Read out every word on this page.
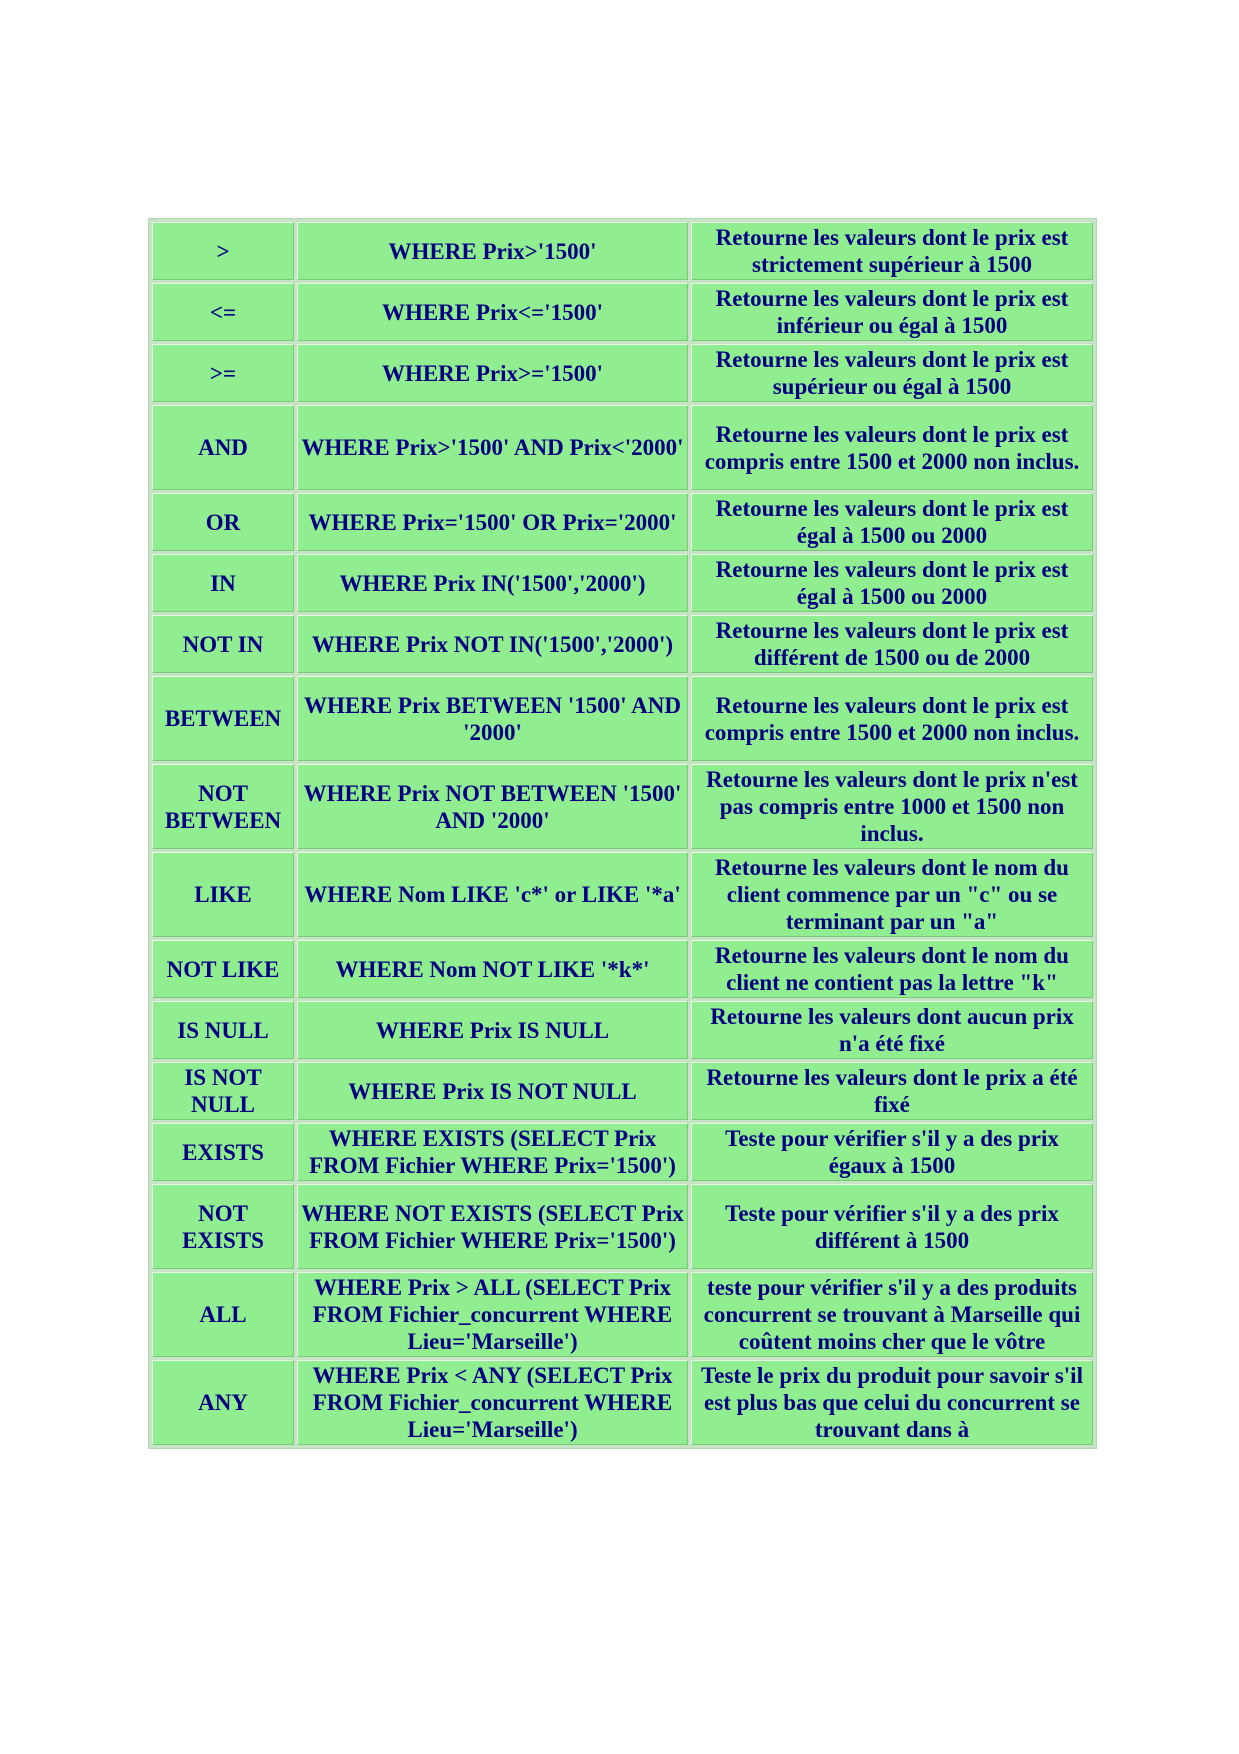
>	WHERE Prix>'1500'	Retourne les valeurs dont le prix est strictement supérieur à 1500
<=	WHERE Prix<='1500'	Retourne les valeurs dont le prix est inférieur ou égal à 1500
>=	WHERE Prix>='1500'	Retourne les valeurs dont le prix est supérieur ou égal à 1500
AND	WHERE Prix>'1500' AND Prix<'2000'	Retourne les valeurs dont le prix est compris entre 1500 et 2000 non inclus.
OR	WHERE Prix='1500' OR Prix='2000'	Retourne les valeurs dont le prix est égal à 1500 ou 2000
IN	WHERE Prix IN('1500','2000')	Retourne les valeurs dont le prix est égal à 1500 ou 2000
NOT IN	WHERE Prix NOT IN('1500','2000')	Retourne les valeurs dont le prix est différent de 1500 ou de 2000
BETWEEN	WHERE Prix BETWEEN '1500' AND '2000'	Retourne les valeurs dont le prix est compris entre 1500 et 2000 non inclus.
NOT BETWEEN	WHERE Prix NOT BETWEEN '1500' AND '2000'	Retourne les valeurs dont le prix n'est pas compris entre 1000 et 1500 non inclus.
LIKE	WHERE Nom LIKE 'c*' or LIKE '*a'	Retourne les valeurs dont le nom du client commence par un "c" ou se terminant par un "a"
NOT LIKE	WHERE Nom NOT LIKE '*k*'	Retourne les valeurs dont le nom du client ne contient pas la lettre "k"
IS NULL	WHERE Prix IS NULL	Retourne les valeurs dont aucun prix n'a été fixé
IS NOT NULL	WHERE Prix IS NOT NULL	Retourne les valeurs dont le prix a été fixé
EXISTS	WHERE EXISTS (SELECT Prix FROM Fichier WHERE Prix='1500')	Teste pour vérifier s'il y a des prix égaux à 1500
NOT EXISTS	WHERE NOT EXISTS (SELECT Prix FROM Fichier WHERE Prix='1500')	Teste pour vérifier s'il y a des prix différent à 1500
ALL	WHERE Prix > ALL (SELECT Prix FROM Fichier_concurrent WHERE Lieu='Marseille')	teste pour vérifier s'il y a des produits concurrent se trouvant à Marseille qui coûtent moins cher que le vôtre
ANY	WHERE Prix < ANY (SELECT Prix FROM Fichier_concurrent WHERE Lieu='Marseille')	Teste le prix du produit pour savoir s'il est plus bas que celui du concurrent se trouvant dans à
